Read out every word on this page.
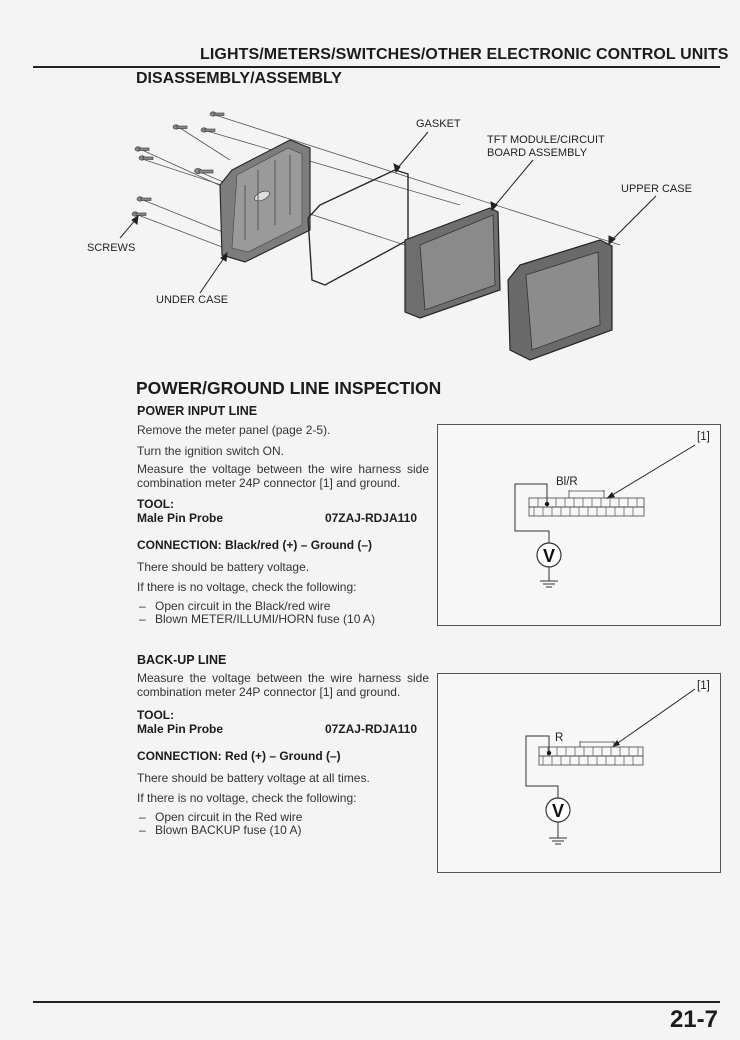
LIGHTS/METERS/SWITCHES/OTHER ELECTRONIC CONTROL UNITS
DISASSEMBLY/ASSEMBLY
GASKET
TFT MODULE/CIRCUIT
BOARD ASSEMBLY
UPPER CASE
SCREWS
UNDER CASE
POWER/GROUND LINE INSPECTION
POWER INPUT LINE
Remove the meter panel (page 2-5).
Turn the ignition switch ON.
Measure the voltage between the wire harness side combination meter 24P connector [1] and ground.
TOOL:
Male Pin Probe	07ZAJ-RDJA110
CONNECTION: Black/red (+) – Ground (–)
There should be battery voltage.
If there is no voltage, check the following:
– Open circuit in the Black/red wire
– Blown METER/ILLUMI/HORN fuse (10 A)
V
[1]
Bl/R
BACK-UP LINE
Measure the voltage between the wire harness side combination meter 24P connector [1] and ground.
TOOL:
Male Pin Probe	07ZAJ-RDJA110
CONNECTION: Red (+) – Ground (–)
There should be battery voltage at all times.
If there is no voltage, check the following:
– Open circuit in the Red wire
– Blown BACKUP fuse (10 A)
V
[1]
R
21-7
